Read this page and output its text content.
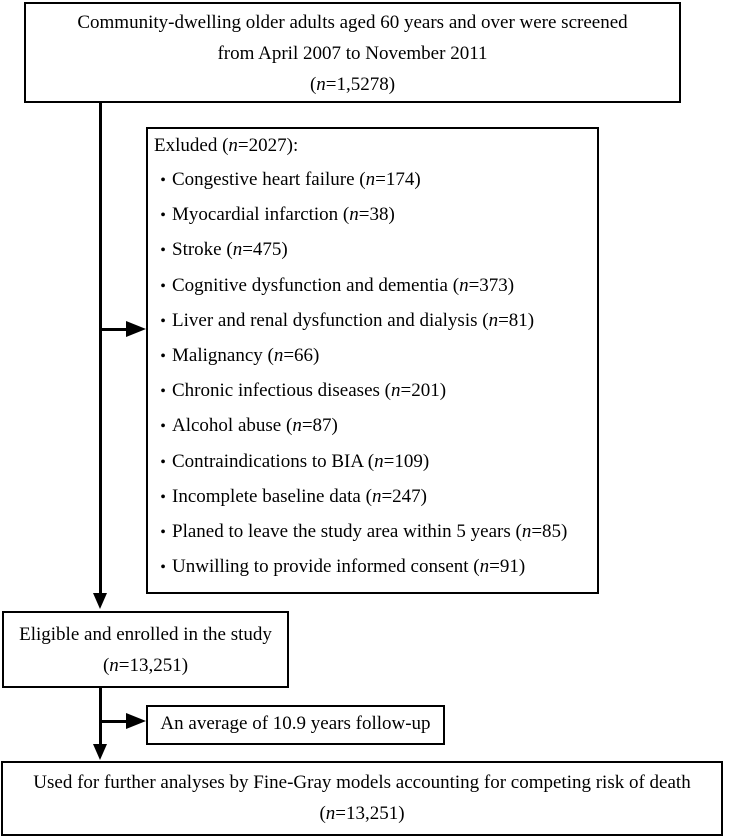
Community-dwelling older adults aged 60 years and over were screened
from April 2007 to November 2011
(n=1,5278)
Exluded (n=2027):
• Congestive heart failure (n=174)
• Myocardial infarction (n=38)
• Stroke (n=475)
• Cognitive dysfunction and dementia (n=373)
• Liver and renal dysfunction and dialysis (n=81)
• Malignancy (n=66)
• Chronic infectious diseases (n=201)
• Alcohol abuse (n=87)
• Contraindications to BIA (n=109)
• Incomplete baseline data (n=247)
• Planed to leave the study area within 5 years (n=85)
• Unwilling to provide informed consent (n=91)
Eligible and enrolled in the study
(n=13,251)
An average of 10.9 years follow-up
Used for further analyses by Fine-Gray models accounting for competing risk of death
(n=13,251)
